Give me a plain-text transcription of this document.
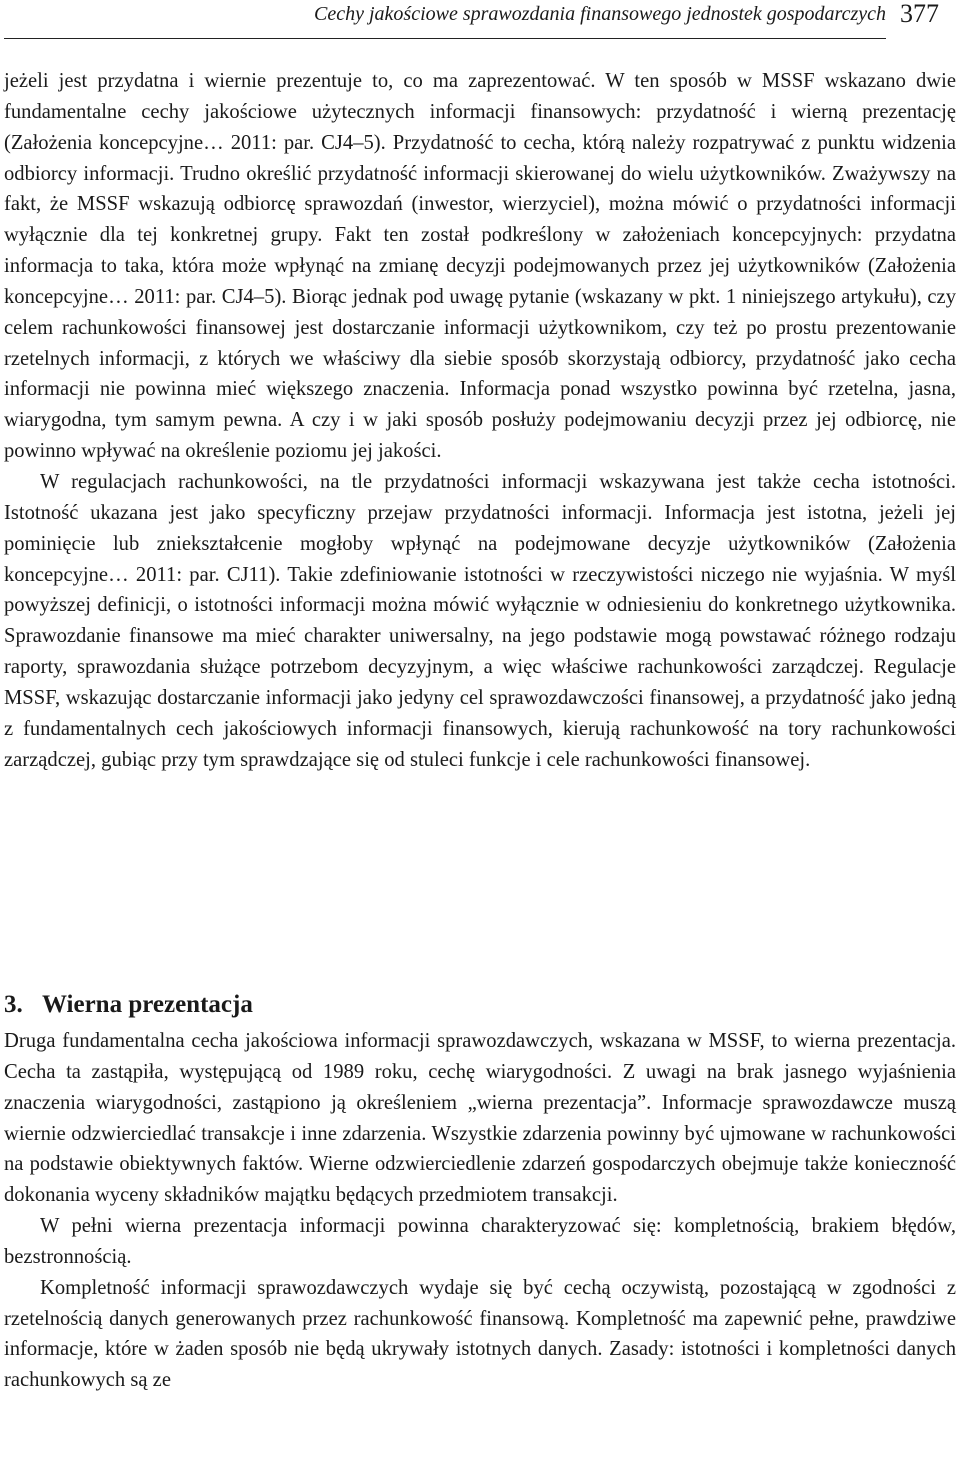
Cechy jakościowe sprawozdania finansowego jednostek gospodarczych 377

jeżeli jest przydatna i wiernie prezentuje to, co ma zaprezentować. W ten sposób w MSSF wskazano dwie fundamentalne cechy jakościowe użytecznych informacji finansowych: przydatność i wierną prezentację (Założenia koncepcyjne… 2011: par. CJ4–5). Przydatność to cecha, którą należy rozpatrywać z punktu widzenia odbiorcy informacji. Trudno określić przydatność informacji skierowanej do wielu użytkowników. Zważywszy na fakt, że MSSF wskazują odbiorcę sprawozdań (inwestor, wierzyciel), można mówić o przydatności informacji wyłącznie dla tej konkretnej grupy. Fakt ten został podkreślony w założeniach koncepcyjnych: przydatna informacja to taka, która może wpłynąć na zmianę decyzji podejmowanych przez jej użytkowników (Założenia koncepcyjne… 2011: par. CJ4–5). Biorąc jednak pod uwagę pytanie (wskazany w pkt. 1 niniejszego artykułu), czy celem rachunkowości finansowej jest dostarczanie informacji użytkownikom, czy też po prostu prezentowanie rzetelnych informacji, z których we właściwy dla siebie sposób skorzystają odbiorcy, przydatność jako cecha informacji nie powinna mieć większego znaczenia. Informacja ponad wszystko powinna być rzetelna, jasna, wiarygodna, tym samym pewna. A czy i w jaki sposób posłuży podejmowaniu decyzji przez jej odbiorcę, nie powinno wpływać na określenie poziomu jej jakości.

W regulacjach rachunkowości, na tle przydatności informacji wskazywana jest także cecha istotności. Istotność ukazana jest jako specyficzny przejaw przydatności informacji. Informacja jest istotna, jeżeli jej pominięcie lub zniekształcenie mogłoby wpłynąć na podejmowane decyzje użytkowników (Założenia koncepcyjne… 2011: par. CJ11). Takie zdefiniowanie istotności w rzeczywistości niczego nie wyjaśnia. W myśl powyższej definicji, o istotności informacji można mówić wyłącznie w odniesieniu do konkretnego użytkownika. Sprawozdanie finansowe ma mieć charakter uniwersalny, na jego podstawie mogą powstawać różnego rodzaju raporty, sprawozdania służące potrzebom decyzyjnym, a więc właściwe rachunkowości zarządczej. Regulacje MSSF, wskazując dostarczanie informacji jako jedyny cel sprawozdawczości finansowej, a przydatność jako jedną z fundamentalnych cech jakościowych informacji finansowych, kierują rachunkowość na tory rachunkowości zarządczej, gubiąc przy tym sprawdzające się od stuleci funkcje i cele rachunkowości finansowej.

3. Wierna prezentacja

Druga fundamentalna cecha jakościowa informacji sprawozdawczych, wskazana w MSSF, to wierna prezentacja. Cecha ta zastąpiła, występującą od 1989 roku, cechę wiarygodności. Z uwagi na brak jasnego wyjaśnienia znaczenia wiarygodności, zastąpiono ją określeniem „wierna prezentacja”. Informacje sprawozdawcze muszą wiernie odzwierciedlać transakcje i inne zdarzenia. Wszystkie zdarzenia powinny być ujmowane w rachunkowości na podstawie obiektywnych faktów. Wierne odzwierciedlenie zdarzeń gospodarczych obejmuje także konieczność dokonania wyceny składników majątku będących przedmiotem transakcji.

W pełni wierna prezentacja informacji powinna charakteryzować się: kompletnością, brakiem błędów, bezstronnością.

Kompletność informacji sprawozdawczych wydaje się być cechą oczywistą, pozostającą w zgodności z rzetelnością danych generowanych przez rachunkowość finansową. Kompletność ma zapewnić pełne, prawdziwe informacje, które w żaden sposób nie będą ukrywały istotnych danych. Zasady: istotności i kompletności danych rachunkowych są ze
